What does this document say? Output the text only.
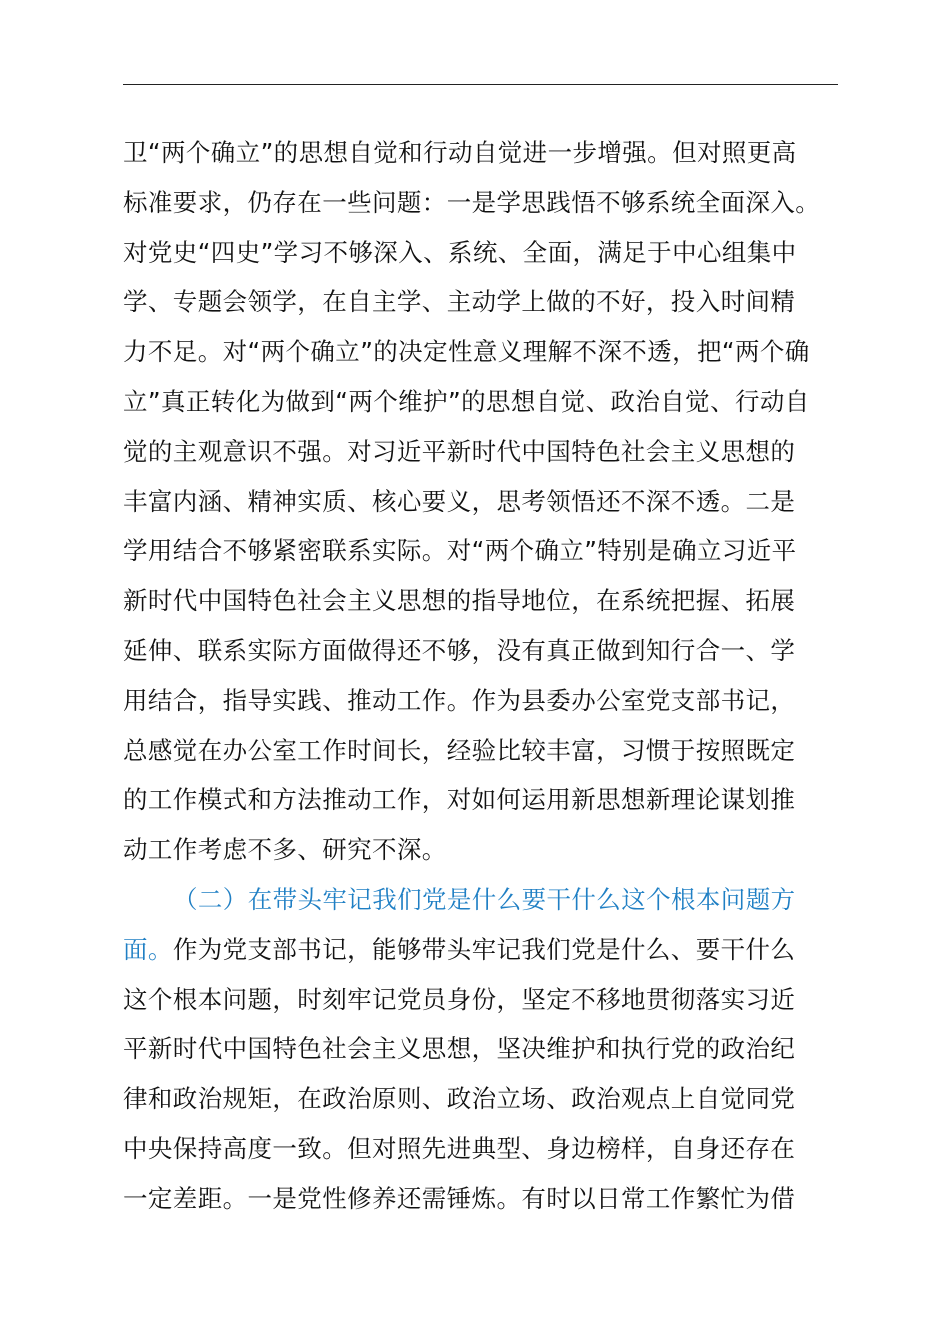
卫“两个确立”的思想自觉和行动自觉进一步增强。但对照更高
标准要求，仍存在一些问题：一是学思践悟不够系统全面深入。
对党史“四史”学习不够深入、系统、全面，满足于中心组集中
学、专题会领学，在自主学、主动学上做的不好，投入时间精
力不足。对“两个确立”的决定性意义理解不深不透，把“两个确
立”真正转化为做到“两个维护”的思想自觉、政治自觉、行动自
觉的主观意识不强。对习近平新时代中国特色社会主义思想的
丰富内涵、精神实质、核心要义，思考领悟还不深不透。二是
学用结合不够紧密联系实际。对“两个确立”特别是确立习近平
新时代中国特色社会主义思想的指导地位，在系统把握、拓展
延伸、联系实际方面做得还不够，没有真正做到知行合一、学
用结合，指导实践、推动工作。作为县委办公室党支部书记，
总感觉在办公室工作时间长，经验比较丰富，习惯于按照既定
的工作模式和方法推动工作，对如何运用新思想新理论谋划推
动工作考虑不多、研究不深。
（二）在带头牢记我们党是什么要干什么这个根本问题方
面。作为党支部书记，能够带头牢记我们党是什么、要干什么
这个根本问题，时刻牢记党员身份，坚定不移地贯彻落实习近
平新时代中国特色社会主义思想，坚决维护和执行党的政治纪
律和政治规矩，在政治原则、政治立场、政治观点上自觉同党
中央保持高度一致。但对照先进典型、身边榜样，自身还存在
一定差距。一是党性修养还需锤炼。有时以日常工作繁忙为借
